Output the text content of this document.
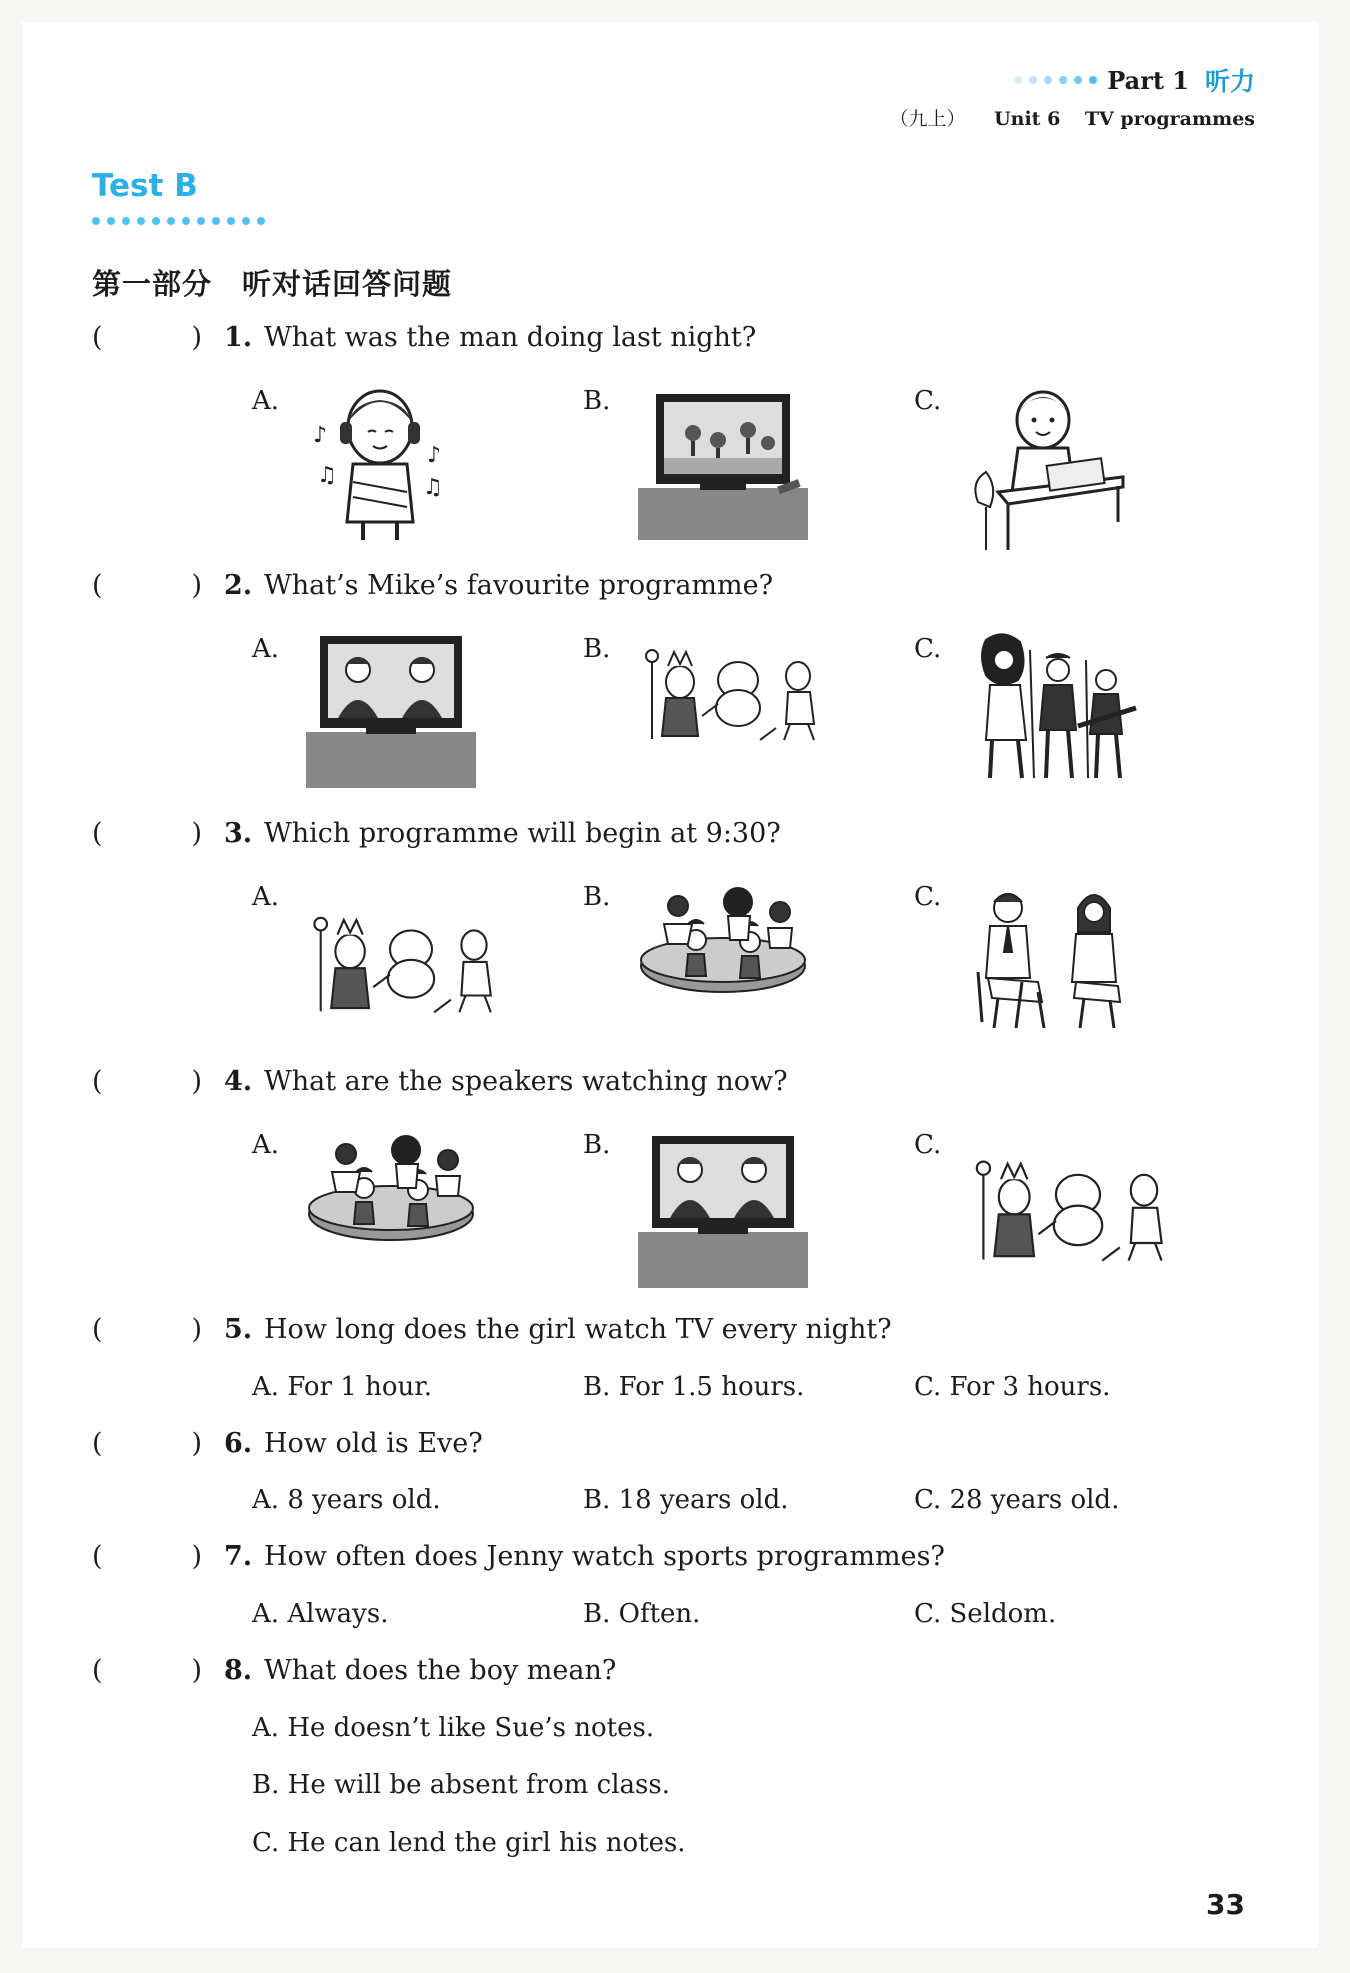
Part 1 听力
（九上） Unit 6 TV programmes
Test B
第一部分　听对话回答问题
(	) 1. What was the man doing last night?
(	) 2. What’s Mike’s favourite programme?
(	) 3. Which programme will begin at 9:30?
(	) 4. What are the speakers watching now?
(	) 5. How long does the girl watch TV every night?
(	) 6. How old is Eve?
(	) 7. How often does Jenny watch sports programmes?
(	) 8. What does the boy mean?
A.	B.	C.
A.	B.	C.
A.	B.	C.
A.	B.	C.
♪
♫
♪
♫
A. For 1 hour.	B. For 1.5 hours.	C. For 3 hours.
A. 8 years old.	B. 18 years old.	C. 28 years old.
A. Always.	B. Often.	C. Seldom.
A. He doesn’t like Sue’s notes.
B. He will be absent from class.
C. He can lend the girl his notes.
33
